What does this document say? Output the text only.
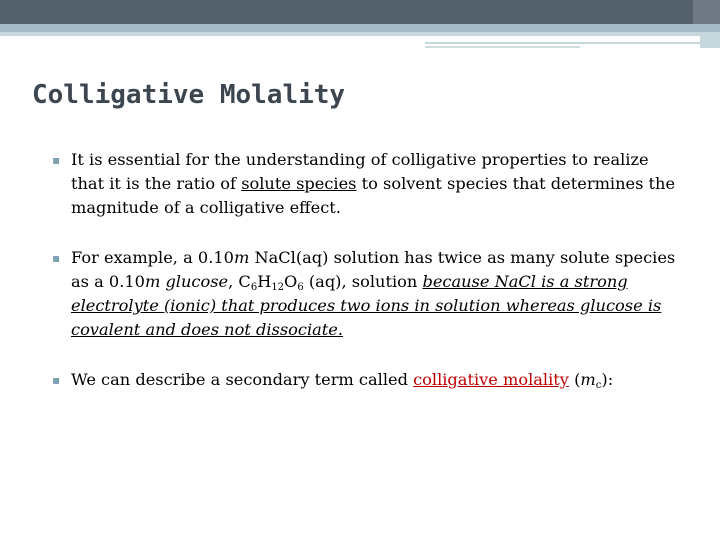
Colligative Molality
▪ It is essential for the understanding of colligative properties to realize that it is the ratio of solute species to solvent species that determines the magnitude of a colligative effect.
▪ For example, a 0.10m NaCl(aq) solution has twice as many solute species as a 0.10m glucose, $C_6H_{12}O_6$ (aq), solution because NaCl is a strong electrolyte (ionic) that produces two ions in solution whereas glucose is covalent and does not dissociate.
▪ We can describe a secondary term called colligative molality $(m_c)$:
